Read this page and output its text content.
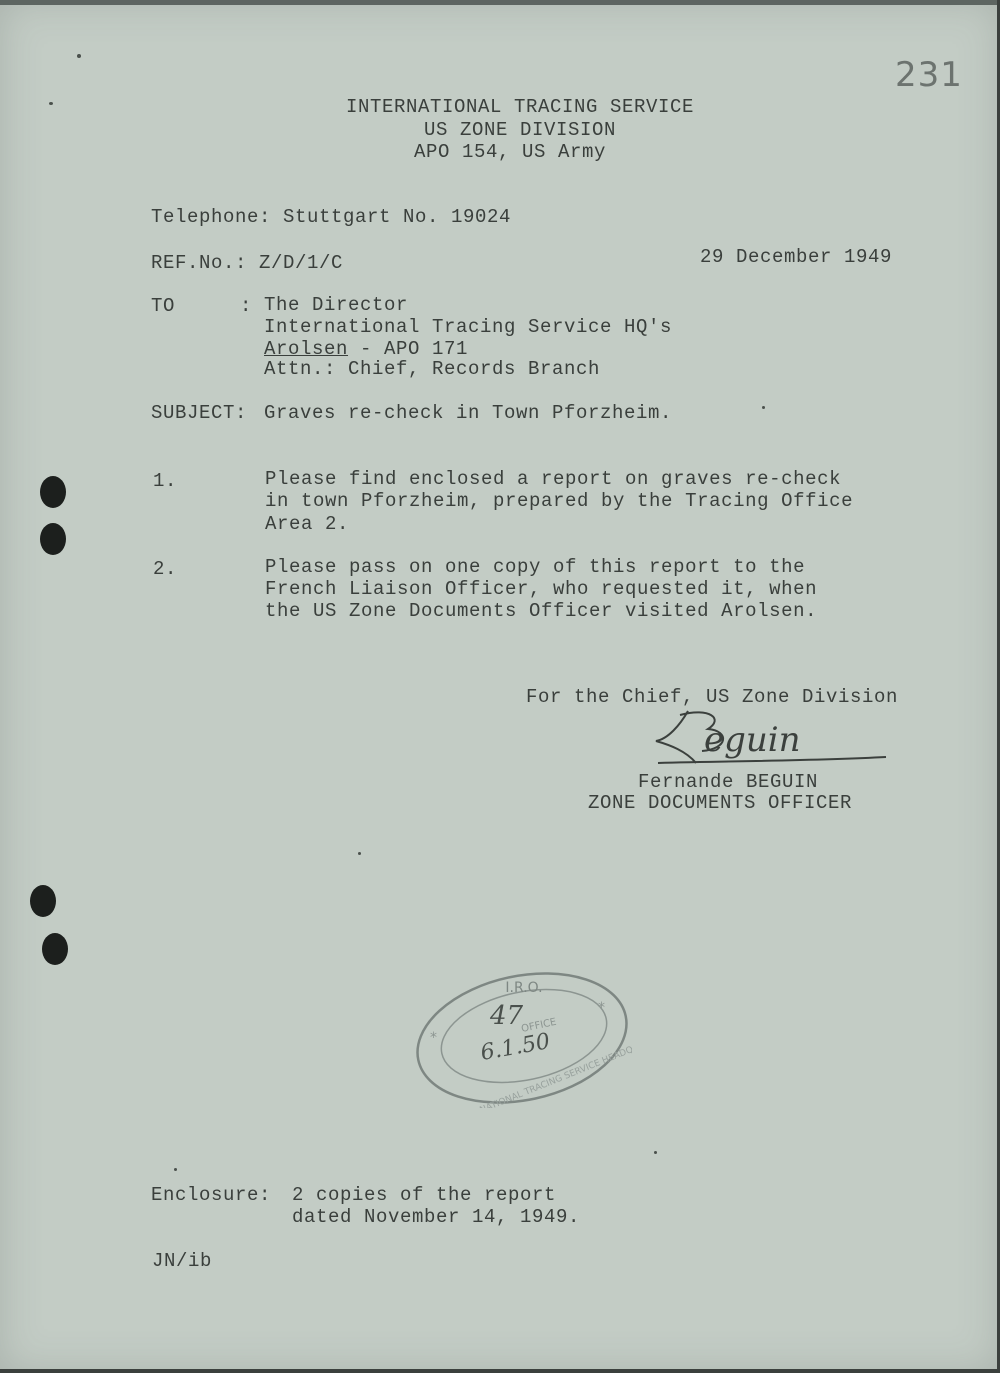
231
INTERNATIONAL TRACING SERVICE
US ZONE DIVISION
APO 154, US Army
Telephone: Stuttgart No. 19024
REF.No.: Z/D/1/C	29 December 1949
TO	: The Director
International Tracing Service HQ's
Arolsen - APO 171
Attn.: Chief, Records Branch
SUBJECT: Graves re-check in Town Pforzheim.
1.	Please find enclosed a report on graves re-check
in town Pforzheim, prepared by the Tracing Office
Area 2.
2.	Please pass on one copy of this report to the
French Liaison Officer, who requested it, when
the US Zone Documents Officer visited Arolsen.
For the Chief, US Zone Division
eguin
Fernande BEGUIN
ZONE DOCUMENTS OFFICER
I.R.O.
*
*
OFFICE
47
6.1.50
INTERNATIONAL TRACING SERVICE HEADQUARTERS
Enclosure: 2 copies of the report
dated November 14, 1949.
JN/ib
